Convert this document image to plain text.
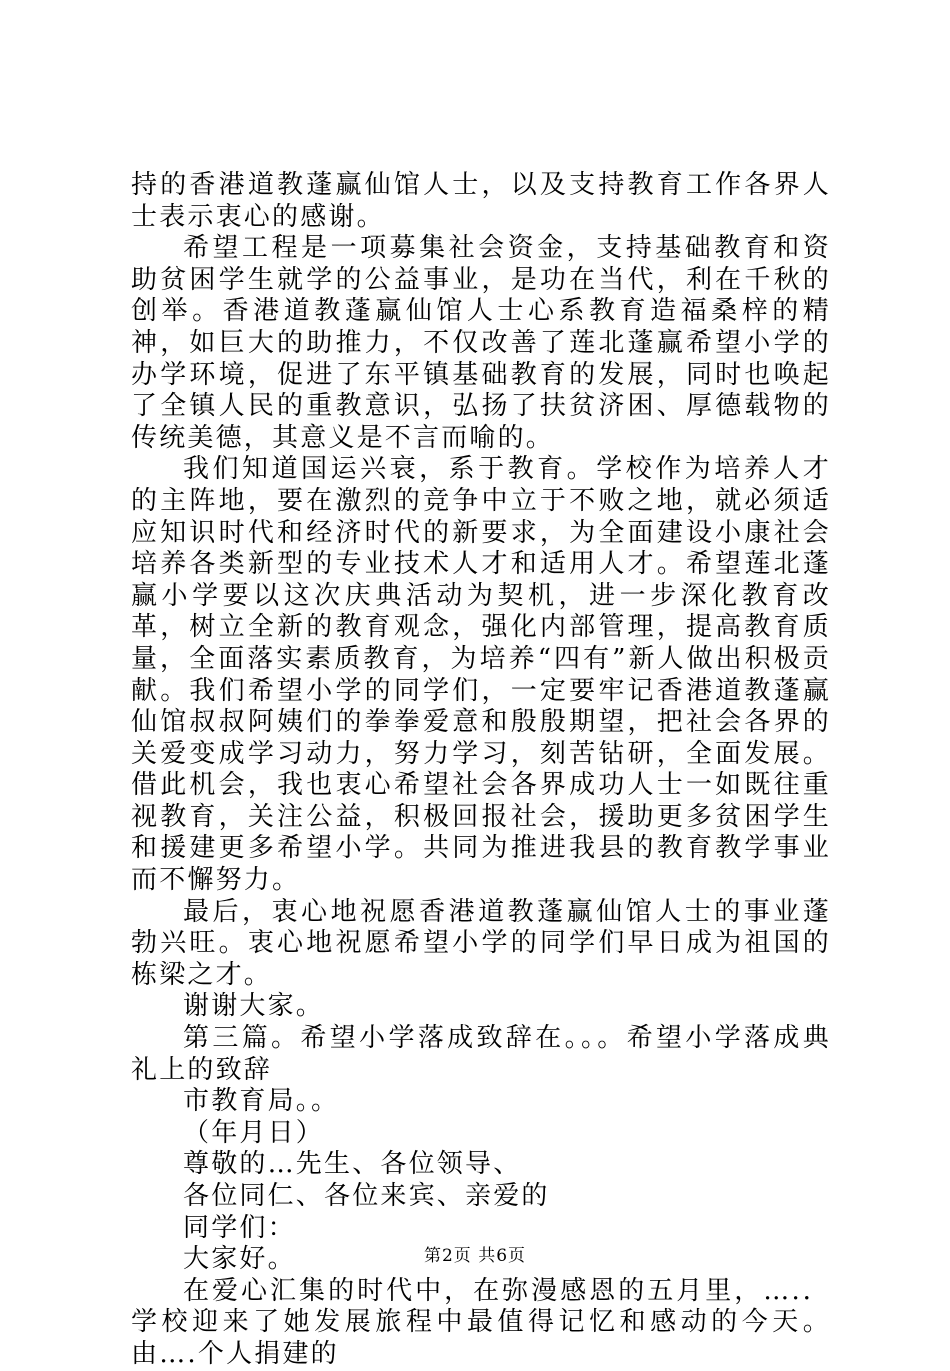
持的香港道教蓬赢仙馆人士，以及支持教育工作各界人士表示衷心的感谢。

希望工程是一项募集社会资金，支持基础教育和资助贫困学生就学的公益事业，是功在当代，利在千秋的创举。香港道教蓬赢仙馆人士心系教育造福桑梓的精神，如巨大的助推力，不仅改善了莲北蓬赢希望小学的办学环境，促进了东平镇基础教育的发展，同时也唤起了全镇人民的重教意识，弘扬了扶贫济困、厚德载物的传统美德，其意义是不言而喻的。

我们知道国运兴衰，系于教育。学校作为培养人才的主阵地，要在激烈的竞争中立于不败之地，就必须适应知识时代和经济时代的新要求，为全面建设小康社会培养各类新型的专业技术人才和适用人才。希望莲北蓬赢小学要以这次庆典活动为契机，进一步深化教育改革，树立全新的教育观念，强化内部管理，提高教育质量，全面落实素质教育，为培养“四有”新人做出积极贡献。我们希望小学的同学们，一定要牢记香港道教蓬赢仙馆叔叔阿姨们的拳拳爱意和殷殷期望，把社会各界的关爱变成学习动力，努力学习，刻苦钻研，全面发展。借此机会，我也衷心希望社会各界成功人士一如既往重视教育，关注公益，积极回报社会，援助更多贫困学生和援建更多希望小学。共同为推进我县的教育教学事业而不懈努力。

最后，衷心地祝愿香港道教蓬赢仙馆人士的事业蓬勃兴旺。衷心地祝愿希望小学的同学们早日成为祖国的栋梁之才。

谢谢大家。

第三篇。希望小学落成致辞在。。。希望小学落成典礼上的致辞

市教育局。。

（年月日）

尊敬的…先生、各位领导、

各位同仁、各位来宾、亲爱的

同学们：

大家好。

在爱心汇集的时代中，在弥漫感恩的五月里，….．学校迎来了她发展旅程中最值得记忆和感动的今天。由….个人捐建的

第2页 共6页
